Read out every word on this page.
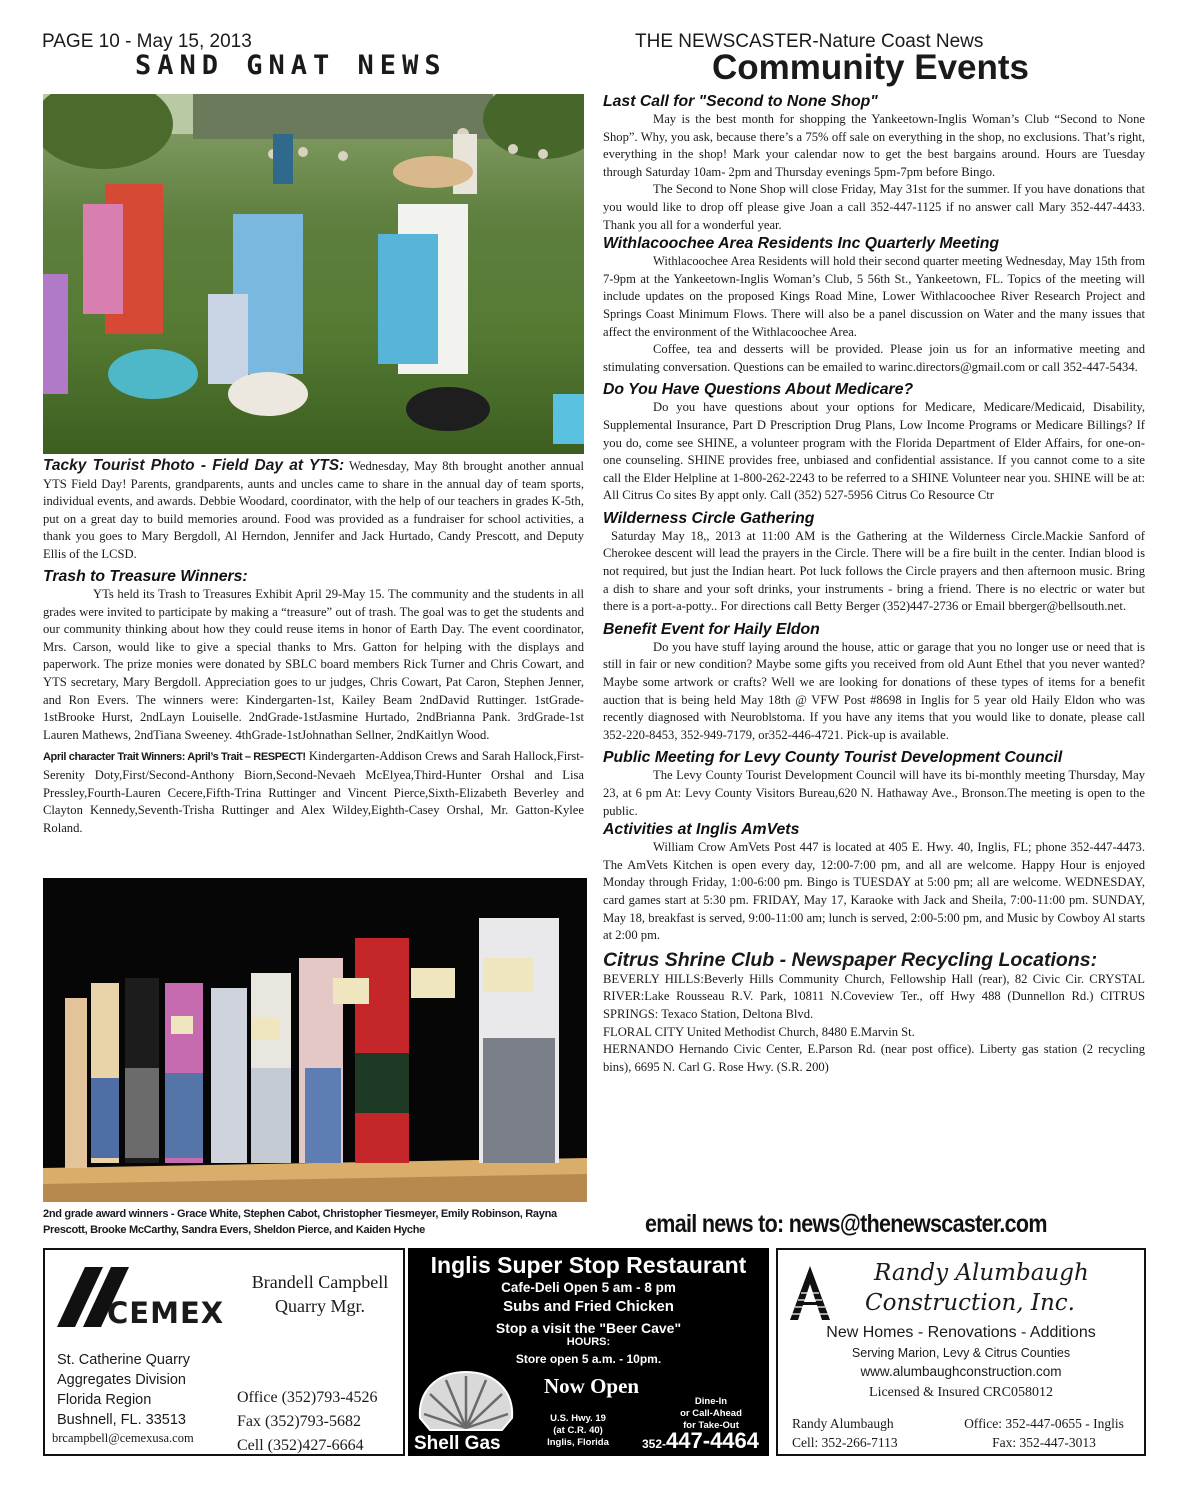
PAGE 10 - May 15, 2013
SAND GNAT NEWS
THE NEWSCASTER-Nature Coast News
Community Events

Tacky Tourist Photo - Field Day at YTS: Wednesday, May 8th brought another annual YTS Field Day! Parents, grandparents, aunts and uncles came to share in the annual day of team sports, individual events, and awards. Debbie Woodard, coordinator, with the help of our teachers in grades K-5th, put on a great day to build memories around. Food was provided as a fundraiser for school activities, a thank you goes to Mary Bergdoll, Al Herndon, Jennifer and Jack Hurtado, Candy Prescott, and Deputy Ellis of the LCSD.

Trash to Treasure Winners:

YTs held its Trash to Treasures Exhibit April 29-May 15. The community and the students in all grades were invited to participate by making a “treasure” out of trash. The goal was to get the students and our community thinking about how they could reuse items in honor of Earth Day. The event coordinator, Mrs. Carson, would like to give a special thanks to Mrs. Gatton for helping with the displays and paperwork. The prize monies were donated by SBLC board members Rick Turner and Chris Cowart, and YTS secretary, Mary Bergdoll. Appreciation goes to ur judges, Chris Cowart, Pat Caron, Stephen Jenner, and Ron Evers. The winners were: Kindergarten-1st, Kailey Beam 2ndDavid Ruttinger. 1stGrade- 1stBrooke Hurst, 2ndLayn Louiselle. 2ndGrade-1stJasmine Hurtado, 2ndBrianna Pank. 3rdGrade-1st Lauren Mathews, 2ndTiana Sweeney. 4thGrade-1stJohnathan Sellner, 2ndKaitlyn Wood.

April character Trait Winners: April’s Trait – RESPECT! Kindergarten-Addison Crews and Sarah Hallock,First-Serenity Doty,First/Second-Anthony Biorn,Second-Nevaeh McElyea,Third-Hunter Orshal and Lisa Pressley,Fourth-Lauren Cecere,Fifth-Trina Ruttinger and Vincent Pierce,Sixth-Elizabeth Beverley and Clayton Kennedy,Seventh-Trisha Ruttinger and Alex Wildey,Eighth-Casey Orshal, Mr. Gatton-Kylee Roland.

2nd grade award winners - Grace White, Stephen Cabot, Christopher Tiesmeyer, Emily Robinson, Rayna Prescott, Brooke McCarthy, Sandra Evers, Sheldon Pierce, and Kaiden Hyche
Last Call for "Second to None Shop"

May is the best month for shopping the Yankeetown-Inglis Woman’s Club “Second to None Shop”. Why, you ask, because there’s a 75% off sale on everything in the shop, no exclusions. That’s right, everything in the shop! Mark your calendar now to get the best bargains around. Hours are Tuesday through Saturday 10am- 2pm and Thursday evenings 5pm-7pm before Bingo.

The Second to None Shop will close Friday, May 31st for the summer. If you have donations that you would like to drop off please give Joan a call 352-447-1125 if no answer call Mary 352-447-4433. Thank you all for a wonderful year.

Withlacoochee Area Residents Inc Quarterly Meeting

Withlacoochee Area Residents will hold their second quarter meeting Wednesday, May 15th from 7-9pm at the Yankeetown-Inglis Woman’s Club, 5 56th St., Yankeetown, FL. Topics of the meeting will include updates on the proposed Kings Road Mine, Lower Withlacoochee River Research Project and Springs Coast Minimum Flows. There will also be a panel discussion on Water and the many issues that affect the environment of the Withlacoochee Area.

Coffee, tea and desserts will be provided. Please join us for an informative meeting and stimulating conversation. Questions can be emailed to warinc.directors@gmail.com or call 352-447-5434.

Do You Have Questions About Medicare?

Do you have questions about your options for Medicare, Medicare/Medicaid, Disability, Supplemental Insurance, Part D Prescription Drug Plans, Low Income Programs or Medicare Billings? If you do, come see SHINE, a volunteer program with the Florida Department of Elder Affairs, for one-on-one counseling. SHINE provides free, unbiased and confidential assistance. If you cannot come to a site call the Elder Helpline at 1-800-262-2243 to be referred to a SHINE Volunteer near you. SHINE will be at: All Citrus Co sites By appt only. Call (352) 527-5956 Citrus Co Resource Ctr

Wilderness Circle Gathering

Saturday May 18,, 2013 at 11:00 AM is the Gathering at the Wilderness Circle.Mackie Sanford of Cherokee descent will lead the prayers in the Circle. There will be a fire built in the center. Indian blood is not required, but just the Indian heart. Pot luck follows the Circle prayers and then afternoon music. Bring a dish to share and your soft drinks, your instruments - bring a friend. There is no electric or water but there is a port-a-potty.. For directions call Betty Berger (352)447-2736 or Email bberger@bellsouth.net.

Benefit Event for Haily Eldon

Do you have stuff laying around the house, attic or garage that you no longer use or need that is still in fair or new condition? Maybe some gifts you received from old Aunt Ethel that you never wanted? Maybe some artwork or crafts? Well we are looking for donations of these types of items for a benefit auction that is being held May 18th @ VFW Post #8698 in Inglis for 5 year old Haily Eldon who was recently diagnosed with Neuroblstoma. If you have any items that you would like to donate, please call 352-220-8453, 352-949-7179, or352-446-4721. Pick-up is available.

Public Meeting for Levy County Tourist Development Council

The Levy County Tourist Development Council will have its bi-monthly meeting Thursday, May 23, at 6 pm At: Levy County Visitors Bureau,620 N. Hathaway Ave., Bronson.The meeting is open to the public.

Activities at Inglis AmVets

William Crow AmVets Post 447 is located at 405 E. Hwy. 40, Inglis, FL; phone 352-447-4473. The AmVets Kitchen is open every day, 12:00-7:00 pm, and all are welcome. Happy Hour is enjoyed Monday through Friday, 1:00-6:00 pm. Bingo is TUESDAY at 5:00 pm; all are welcome. WEDNESDAY, card games start at 5:30 pm. FRIDAY, May 17, Karaoke with Jack and Sheila, 7:00-11:00 pm. SUNDAY, May 18, breakfast is served, 9:00-11:00 am; lunch is served, 2:00-5:00 pm, and Music by Cowboy Al starts at 2:00 pm.

Citrus Shrine Club - Newspaper Recycling Locations:

BEVERLY HILLS:Beverly Hills Community Church, Fellowship Hall (rear), 82 Civic Cir. CRYSTAL RIVER:Lake Rousseau R.V. Park, 10811 N.Coveview Ter., off Hwy 488 (Dunnellon Rd.) CITRUS SPRINGS: Texaco Station, Deltona Blvd.

FLORAL CITY United Methodist Church, 8480 E.Marvin St.

HERNANDO Hernando Civic Center, E.Parson Rd. (near post office). Liberty gas station (2 recycling bins), 6695 N. Carl G. Rose Hwy. (S.R. 200)

email news to: news@thenewscaster.com
CEMEX
Brandell Campbell
Quarry Mgr.
St. Catherine Quarry
Aggregates Division
Florida Region
Bushnell, FL. 33513
brcampbell@cemexusa.com
Office (352)793-4526
Fax (352)793-5682
Cell (352)427-6664
Inglis Super Stop Restaurant
Cafe-Deli Open 5 am - 8 pm
Subs and Fried Chicken
Stop a visit the "Beer Cave"
HOURS:
Store open 5 a.m. - 10pm.
Shell Gas
Now Open
Dine-In
or Call-Ahead
for Take-Out
U.S. Hwy. 19
(at C.R. 40)
Inglis, Florida	352-447-4464
Randy Alumbaugh
Construction, Inc.
New Homes - Renovations - Additions
Serving Marion, Levy & Citrus Counties
www.alumbaughconstruction.com
Licensed & Insured CRC058012
Randy Alumbaugh
Cell: 352-266-7113
Office: 352-447-0655 - Inglis
Fax: 352-447-3013
